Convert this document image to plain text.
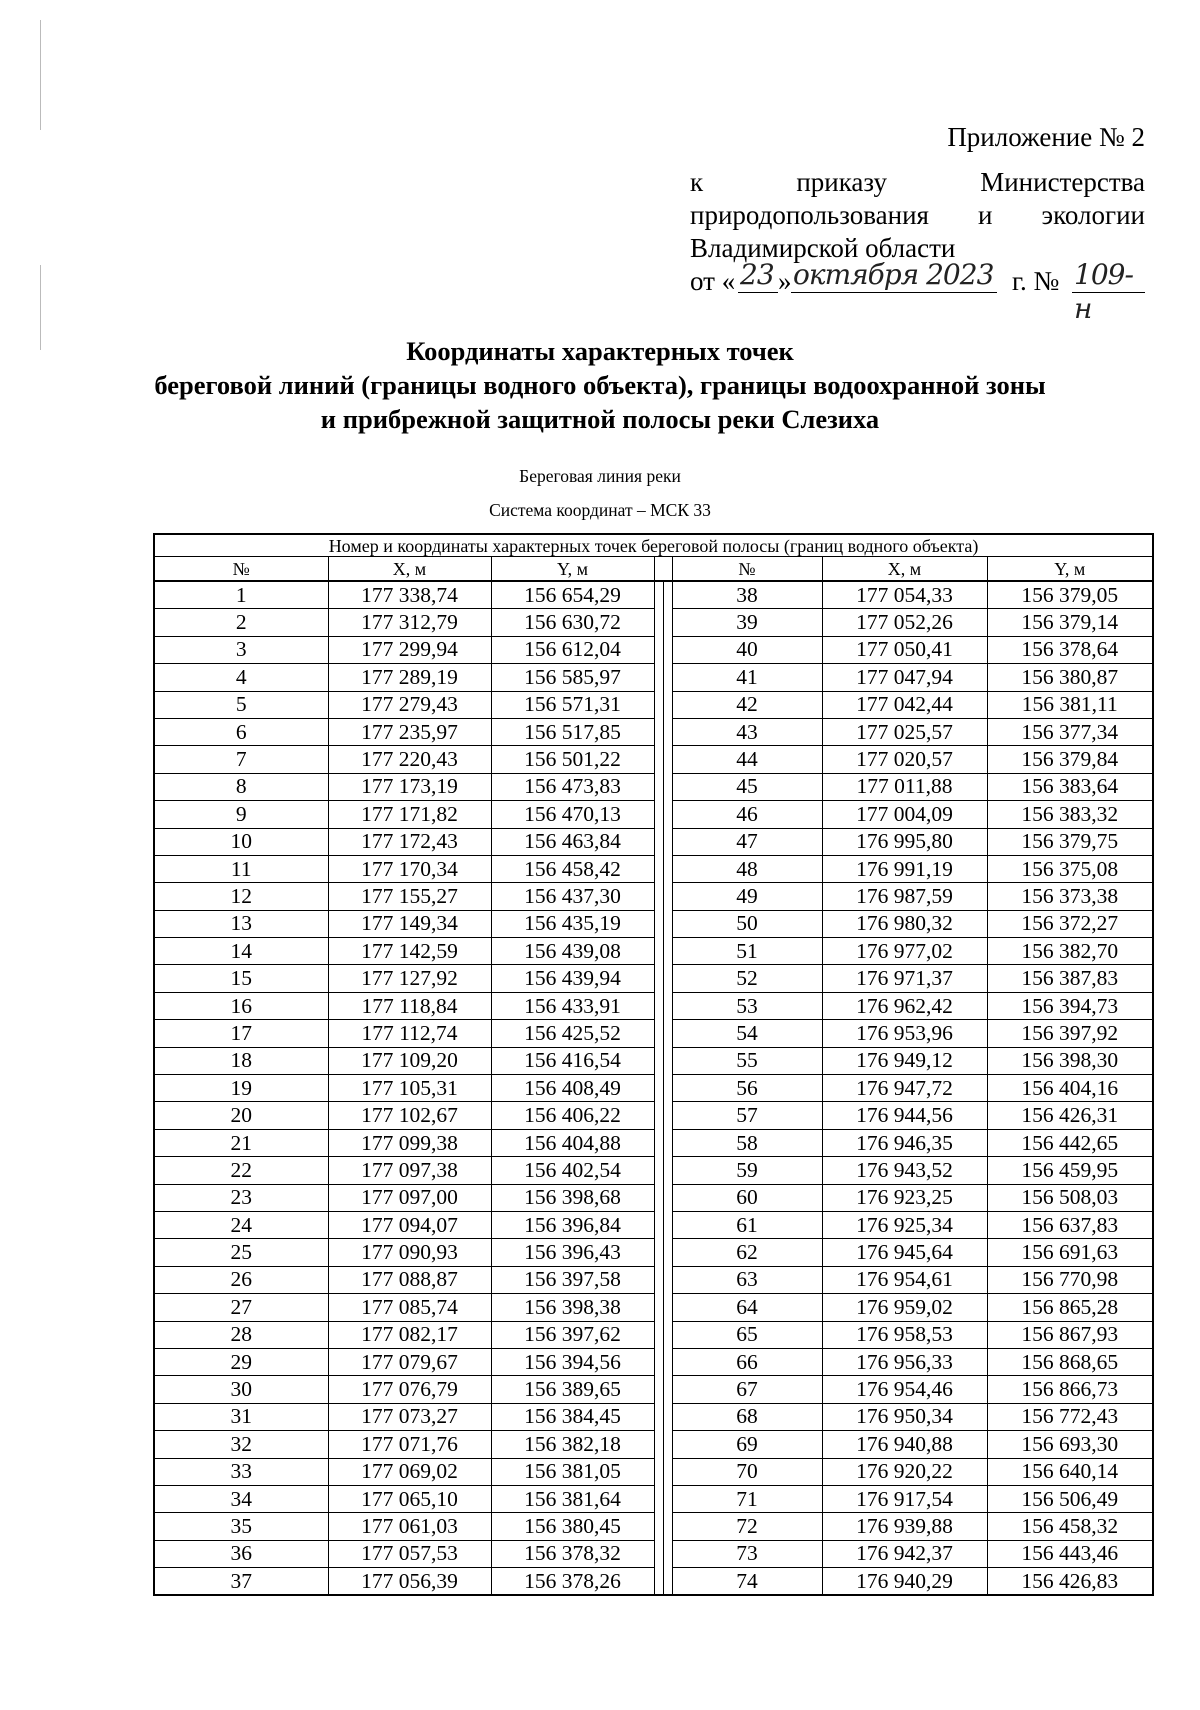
Приложение № 2
к приказу Министерства
природопользования и экологии
Владимирской области
от « 23 » октября 2023 г. № 109-н
Координаты характерных точек
береговой линий (границы водного объекта), границы водоохранной зоны
и прибрежной защитной полосы реки Слезиха
Береговая линия реки
Система координат – МСК 33
Номер и координаты характерных точек береговой полосы (границ водного объекта)							
№	X, м	Y, м			№	X, м	Y, м
1	177 338,74	156 654,29			38	177 054,33	156 379,05
2	177 312,79	156 630,72			39	177 052,26	156 379,14
3	177 299,94	156 612,04			40	177 050,41	156 378,64
4	177 289,19	156 585,97			41	177 047,94	156 380,87
5	177 279,43	156 571,31			42	177 042,44	156 381,11
6	177 235,97	156 517,85			43	177 025,57	156 377,34
7	177 220,43	156 501,22			44	177 020,57	156 379,84
8	177 173,19	156 473,83			45	177 011,88	156 383,64
9	177 171,82	156 470,13			46	177 004,09	156 383,32
10	177 172,43	156 463,84			47	176 995,80	156 379,75
11	177 170,34	156 458,42			48	176 991,19	156 375,08
12	177 155,27	156 437,30			49	176 987,59	156 373,38
13	177 149,34	156 435,19			50	176 980,32	156 372,27
14	177 142,59	156 439,08			51	176 977,02	156 382,70
15	177 127,92	156 439,94			52	176 971,37	156 387,83
16	177 118,84	156 433,91			53	176 962,42	156 394,73
17	177 112,74	156 425,52			54	176 953,96	156 397,92
18	177 109,20	156 416,54			55	176 949,12	156 398,30
19	177 105,31	156 408,49			56	176 947,72	156 404,16
20	177 102,67	156 406,22			57	176 944,56	156 426,31
21	177 099,38	156 404,88			58	176 946,35	156 442,65
22	177 097,38	156 402,54			59	176 943,52	156 459,95
23	177 097,00	156 398,68			60	176 923,25	156 508,03
24	177 094,07	156 396,84			61	176 925,34	156 637,83
25	177 090,93	156 396,43			62	176 945,64	156 691,63
26	177 088,87	156 397,58			63	176 954,61	156 770,98
27	177 085,74	156 398,38			64	176 959,02	156 865,28
28	177 082,17	156 397,62			65	176 958,53	156 867,93
29	177 079,67	156 394,56			66	176 956,33	156 868,65
30	177 076,79	156 389,65			67	176 954,46	156 866,73
31	177 073,27	156 384,45			68	176 950,34	156 772,43
32	177 071,76	156 382,18			69	176 940,88	156 693,30
33	177 069,02	156 381,05			70	176 920,22	156 640,14
34	177 065,10	156 381,64			71	176 917,54	156 506,49
35	177 061,03	156 380,45			72	176 939,88	156 458,32
36	177 057,53	156 378,32			73	176 942,37	156 443,46
37	177 056,39	156 378,26			74	176 940,29	156 426,83
